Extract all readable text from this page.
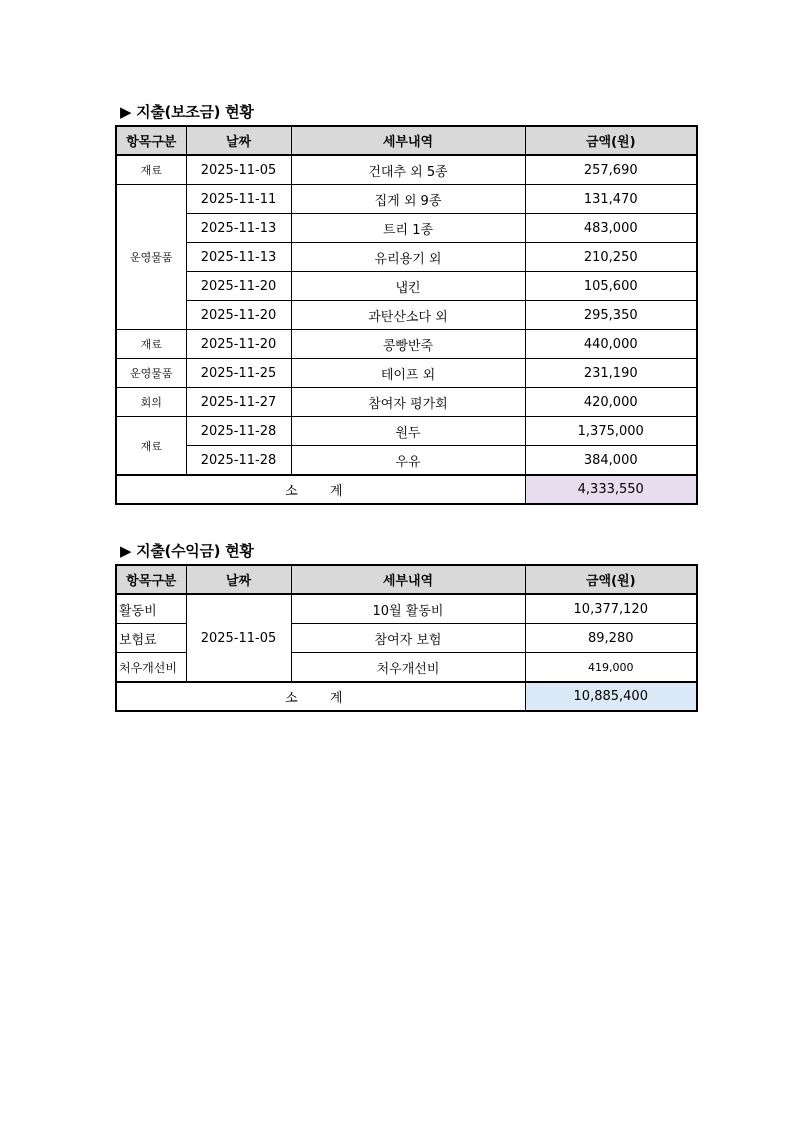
▶ 지출(보조금) 현황
항목구분	날짜	세부내역	금액(원)
재료	2025-11-05	건대추 외 5종	257,690
운영물품	2025-11-11	집게 외 9종	131,470
	2025-11-13	트리 1종	483,000
	2025-11-13	유리용기 외	210,250
	2025-11-20	냅킨	105,600
	2025-11-20	과탄산소다 외	295,350
재료	2025-11-20	콩빵반죽	440,000
운영물품	2025-11-25	테이프 외	231,190
회의	2025-11-27	참여자 평가회	420,000
재료	2025-11-28	원두	1,375,000
	2025-11-28	우유	384,000
소 계			4,333,550
▶ 지출(수익금) 현황
항목구분	날짜	세부내역	금액(원)
활동비	2025-11-05	10월 활동비	10,377,120
보험료		참여자 보험	89,280
처우개선비		처우개선비	419,000
소 계			10,885,400
